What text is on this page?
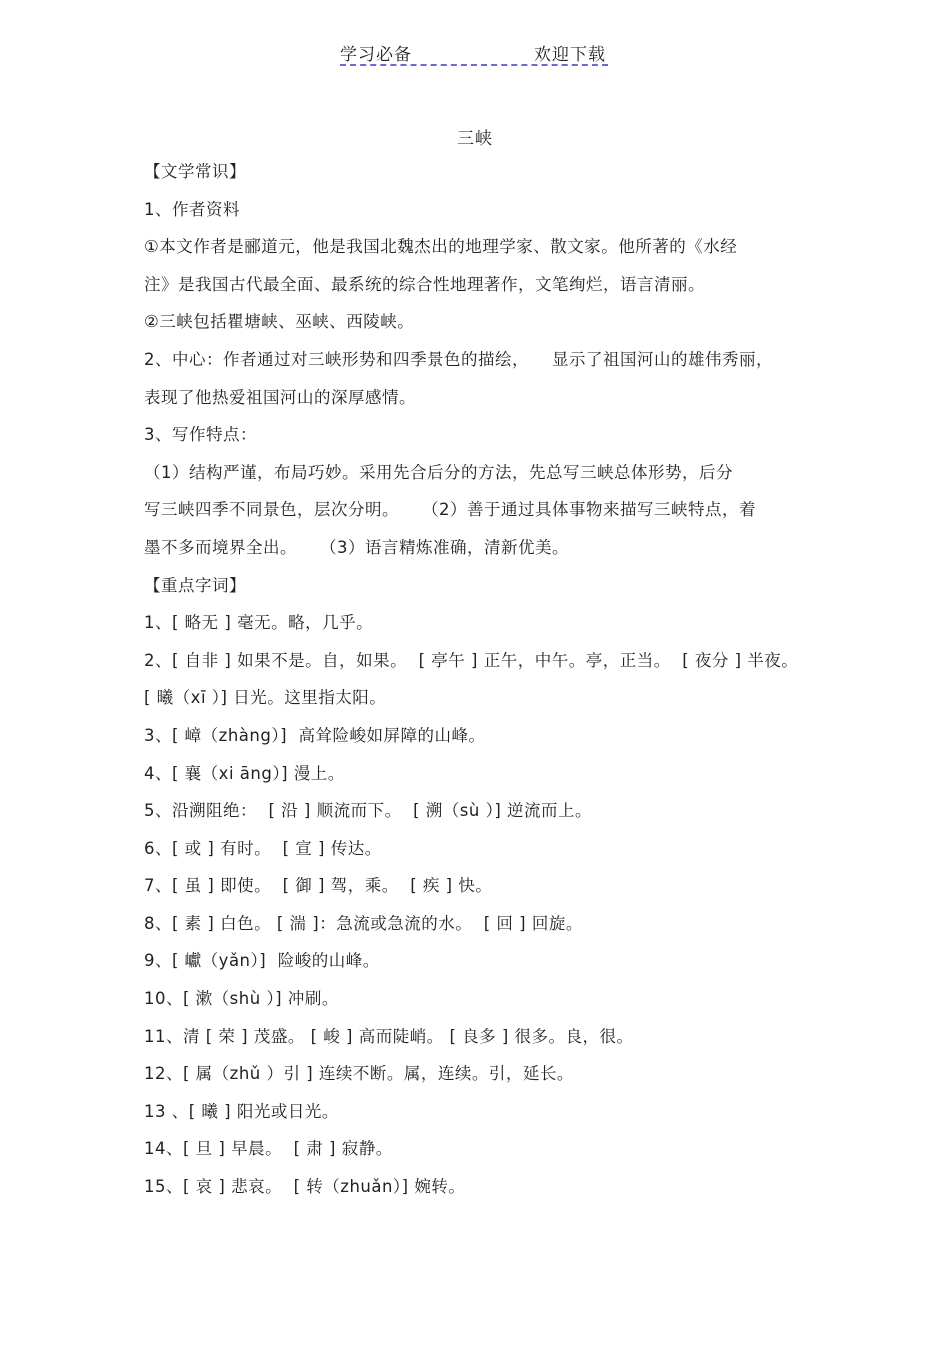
学习必备	欢迎下载
三峡
【文学常识】
1、作者资料
①本文作者是郦道元，他是我国北魏杰出的地理学家、散文家。他所著的《水经
注》是我国古代最全面、最系统的综合性地理著作，文笔绚烂，语言清丽。
②三峡包括瞿塘峡、巫峡、西陵峡。
2、中心：作者通过对三峡形势和四季景色的描绘，    显示了祖国河山的雄伟秀丽，
表现了他热爱祖国河山的深厚感情。
3、写作特点：
（1）结构严谨，布局巧妙。采用先合后分的方法，先总写三峡总体形势，后分
写三峡四季不同景色，层次分明。    （2）善于通过具体事物来描写三峡特点，着
墨不多而境界全出。    （3）语言精炼准确，清新优美。
【重点字词】
1、[ 略无 ] 毫无。略，几乎。
2、[ 自非 ] 如果不是。自，如果。  [ 亭午 ] 正午，中午。亭，正当。  [ 夜分 ] 半夜。
[ 曦（xī ）] 日光。这里指太阳。
3、[ 嶂（zhàng）]  高耸险峻如屏障的山峰。
4、[ 襄（xi āng）] 漫上。
5、沿溯阻绝：  [ 沿 ] 顺流而下。  [ 溯（sù ）] 逆流而上。
6、[ 或 ] 有时。  [ 宣 ] 传达。
7、[ 虽 ] 即使。  [ 御 ] 驾，乘。  [ 疾 ] 快。
8、[ 素 ] 白色。 [ 湍 ]：急流或急流的水。  [ 回 ] 回旋。
9、[ 巘（yǎn）]  险峻的山峰。
10、[ 漱（shù ）] 冲刷。
11、清 [ 荣 ] 茂盛。 [ 峻 ] 高而陡峭。 [ 良多 ] 很多。良，很。
12、[ 属（zhǔ ）引 ] 连续不断。属，连续。引，延长。
13 、[ 曦 ] 阳光或日光。
14、[ 旦 ] 早晨。  [ 肃 ] 寂静。
15、[ 哀 ] 悲哀。  [ 转（zhuǎn）] 婉转。
